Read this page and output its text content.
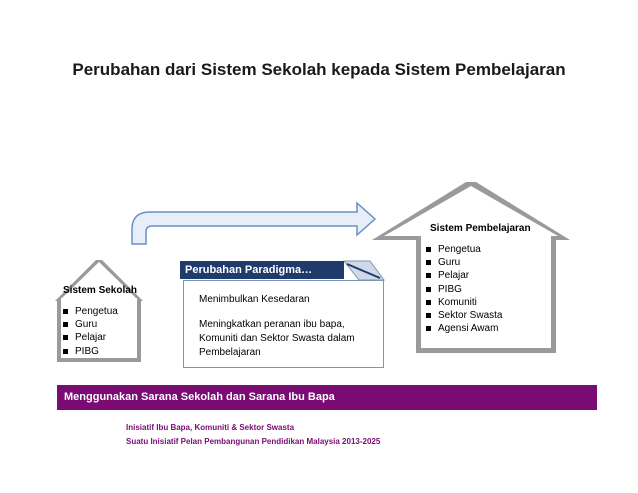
Perubahan dari Sistem Sekolah kepada Sistem Pembelajaran
Sistem Sekolah
Pengetua
Guru
Pelajar
PIBG
Sistem Pembelajaran
Pengetua
Guru
Pelajar
PIBG
Komuniti
Sektor Swasta
Agensi Awam
Perubahan Paradigma…
Menimbulkan Kesedaran
Meningkatkan peranan ibu bapa,
Komuniti dan Sektor Swasta dalam
Pembelajaran
Menggunakan Sarana Sekolah dan Sarana Ibu Bapa
Inisiatif Ibu Bapa, Komuniti & Sektor Swasta
Suatu Inisiatif Pelan Pembangunan Pendidikan Malaysia 2013-2025
